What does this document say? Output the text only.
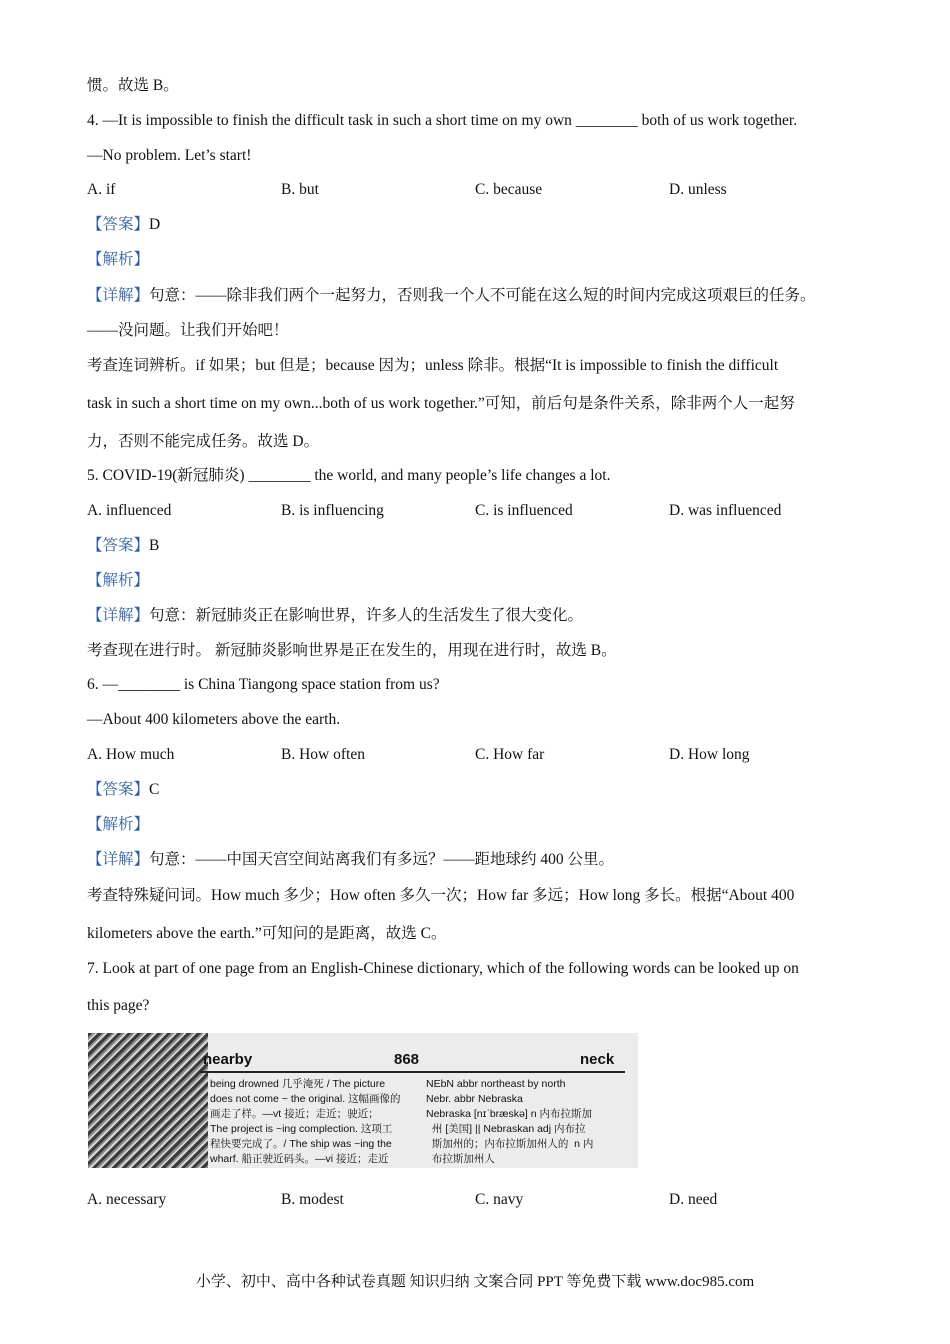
惯。故选 B。
4. —It is impossible to finish the difficult task in such a short time on my own ________ both of us work together.
—No problem. Let’s start!
A. if	B. but	C. because	D. unless
【答案】D
【解析】
【详解】句意：——除非我们两个一起努力，否则我一个人不可能在这么短的时间内完成这项艰巨的任务。
——没问题。让我们开始吧！
考查连词辨析。if 如果；but 但是；because 因为；unless 除非。根据“It is impossible to finish the difficult
task in such a short time on my own...both of us work together.”可知，前后句是条件关系，除非两个人一起努
力，否则不能完成任务。故选 D。
5. COVID-19(新冠肺炎) ________ the world, and many people’s life changes a lot.
A. influenced	B. is influencing	C. is influenced	D. was influenced
【答案】B
【解析】
【详解】句意：新冠肺炎正在影响世界，许多人的生活发生了很大变化。
考查现在进行时。 新冠肺炎影响世界是正在发生的，用现在进行时，故选 B。
6. —________ is China Tiangong space station from us?
—About 400 kilometers above the earth.
A. How much	B. How often	C. How far	D. How long
【答案】C
【解析】
【详解】句意：——中国天宫空间站离我们有多远？——距地球约 400 公里。
考查特殊疑问词。How much 多少；How often 多久一次；How far 多远；How long 多长。根据“About 400
kilometers above the earth.”可知问的是距离，故选 C。
7. Look at part of one page from an English-Chinese dictionary, which of the following words can be looked up on
this page?
nearby	868	neck
being drowned 几乎淹死 / The picture
does not come ~ the original. 这幅画像的
画走了样。—vt 接近；走近；驶近；
The project is ~ing complection. 这项工
程快要完成了。/ The ship was ~ing the
wharf. 船正驶近码头。—vi 接近；走近
NEbN abbr northeast by north
Nebr. abbr Nebraska
Nebraska [nɪˈbræskə] n 内布拉斯加
州 [美国] || Nebraskan adj 内布拉
斯加州的；内布拉斯加州人的  n 内
布拉斯加州人
A. necessary	B. modest	C. navy	D. need
小学、初中、高中各种试卷真题 知识归纳 文案合同 PPT 等免费下载 www.doc985.com
